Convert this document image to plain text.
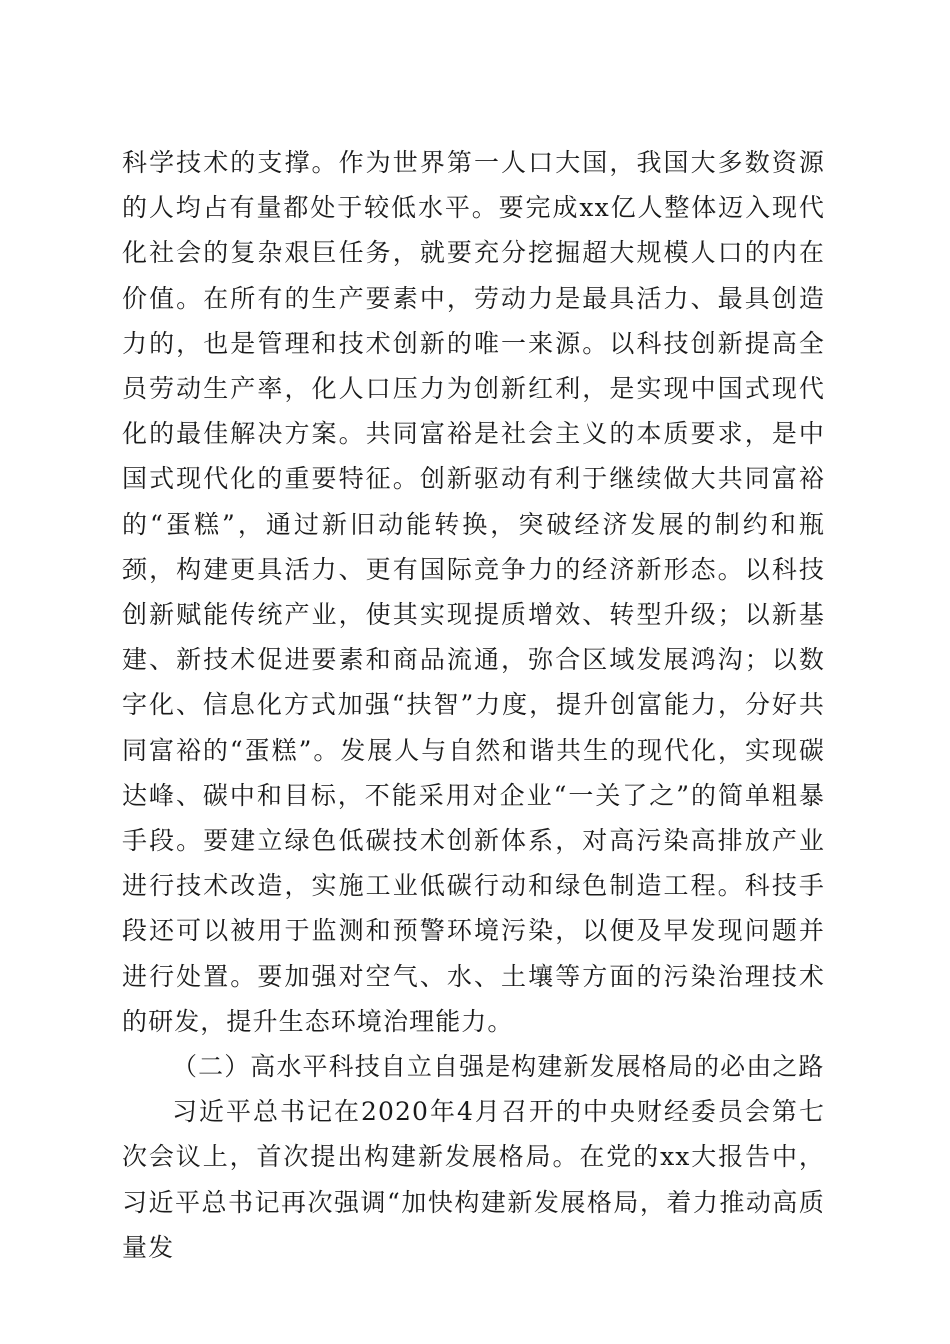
科学技术的支撑。作为世界第一人口大国，我国大多数资源的人均占有量都处于较低水平。要完成xx亿人整体迈入现代化社会的复杂艰巨任务，就要充分挖掘超大规模人口的内在价值。在所有的生产要素中，劳动力是最具活力、最具创造力的，也是管理和技术创新的唯一来源。以科技创新提高全员劳动生产率，化人口压力为创新红利，是实现中国式现代化的最佳解决方案。共同富裕是社会主义的本质要求，是中国式现代化的重要特征。创新驱动有利于继续做大共同富裕的“蛋糕”，通过新旧动能转换，突破经济发展的制约和瓶颈，构建更具活力、更有国际竞争力的经济新形态。以科技创新赋能传统产业，使其实现提质增效、转型升级；以新基建、新技术促进要素和商品流通，弥合区域发展鸿沟；以数字化、信息化方式加强“扶智”力度，提升创富能力，分好共同富裕的“蛋糕”。发展人与自然和谐共生的现代化，实现碳达峰、碳中和目标，不能采用对企业“一关了之”的简单粗暴手段。要建立绿色低碳技术创新体系，对高污染高排放产业进行技术改造，实施工业低碳行动和绿色制造工程。科技手段还可以被用于监测和预警环境污染，以便及早发现问题并进行处置。要加强对空气、水、土壤等方面的污染治理技术的研发，提升生态环境治理能力。

（二）高水平科技自立自强是构建新发展格局的必由之路

习近平总书记在2020年4月召开的中央财经委员会第七次会议上，首次提出构建新发展格局。在党的xx大报告中，习近平总书记再次强调“加快构建新发展格局，着力推动高质量发
